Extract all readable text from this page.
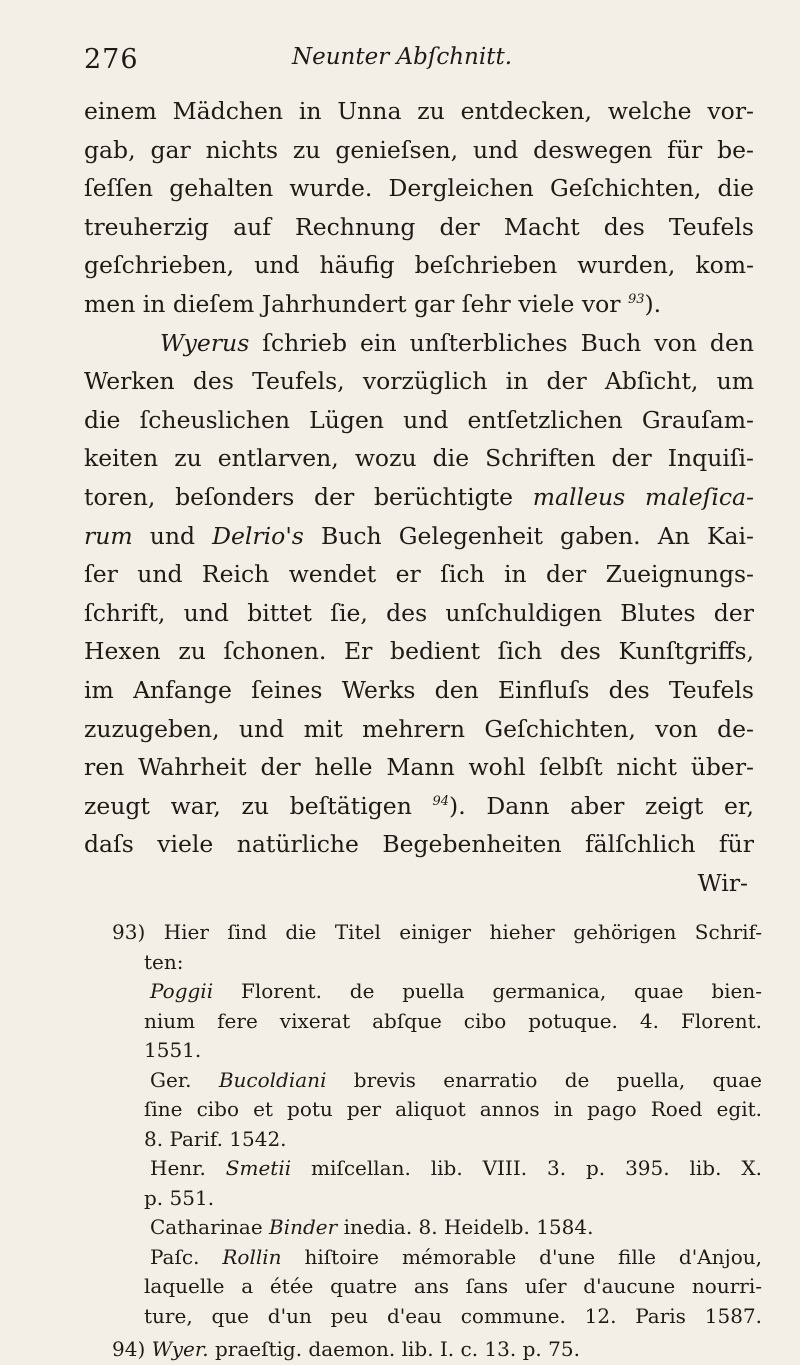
276	Neunter Abſchnitt.
einem Mädchen in Unna zu entdecken, welche vor-
gab, gar nichts zu genieſsen, und deswegen für be-
ſeſſen gehalten wurde. Dergleichen Geſchichten, die
treuherzig auf Rechnung der Macht des Teufels
geſchrieben, und häufig beſchrieben wurden, kom-
men in dieſem Jahrhundert gar ſehr viele vor $^{93}$).
Wyerus ſchrieb ein unſterbliches Buch von den
Werken des Teufels, vorzüglich in der Abſicht, um
die ſcheuslichen Lügen und entſetzlichen Grauſam-
keiten zu entlarven, wozu die Schriften der Inquiſi-
toren, beſonders der berüchtigte malleus maleſica-
rum und Delrio's Buch Gelegenheit gaben. An Kai-
ſer und Reich wendet er ſich in der Zueignungs-
ſchrift, und bittet ſie, des unſchuldigen Blutes der
Hexen zu ſchonen. Er bedient ſich des Kunſtgriffs,
im Anfange ſeines Werks den Einfluſs des Teufels
zuzugeben, und mit mehrern Geſchichten, von de-
ren Wahrheit der helle Mann wohl ſelbſt nicht über-
zeugt war, zu beſtätigen $^{94}$). Dann aber zeigt er,
daſs viele natürliche Begebenheiten fälſchlich für
Wir-
93) Hier ſind die Titel einiger hieher gehörigen Schrif-
ten:
Poggii Florent. de puella germanica, quae bien-
nium fere vixerat abſque cibo potuque. 4. Florent.
1551.
Ger. Bucoldiani brevis enarratio de puella, quae
ſine cibo et potu per aliquot annos in pago Roed egit.
8. Parif. 1542.
Henr. Smetii miſcellan. lib. VIII. 3. p. 395. lib. X.
p. 551.
Catharinae Binder inedia. 8. Heidelb. 1584.
Paſc. Rollin hiſtoire mémorable d'une fille d'Anjou,
laquelle a étée quatre ans ſans uſer d'aucune nourri-
ture, que d'un peu d'eau commune. 12. Paris 1587.
94) Wyer. praeſtig. daemon. lib. I. c. 13. p. 75.
